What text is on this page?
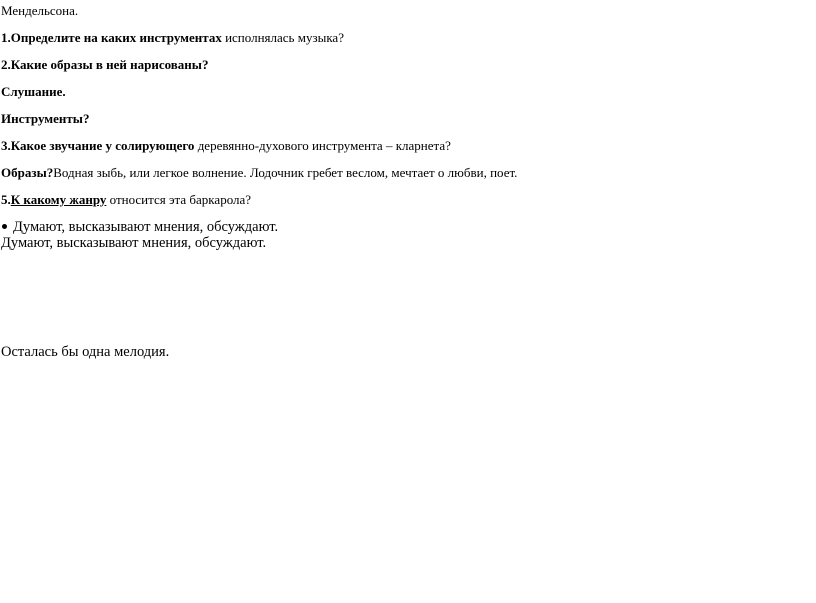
Мендельсона.
1.Определите на каких инструментах исполнялась музыка?
2.Какие образы в ней нарисованы?
Слушание.
Инструменты?
3.Какое звучание у солирующего деревянно-духового инструмента – кларнета?
Образы?Водная зыбь, или легкое волнение. Лодочник гребет веслом, мечтает о любви, поет.
5.К какому жанру относится эта баркарола?
Думают, высказывают мнения, обсуждают.
Думают, высказывают мнения, обсуждают.
Осталась бы одна мелодия.
